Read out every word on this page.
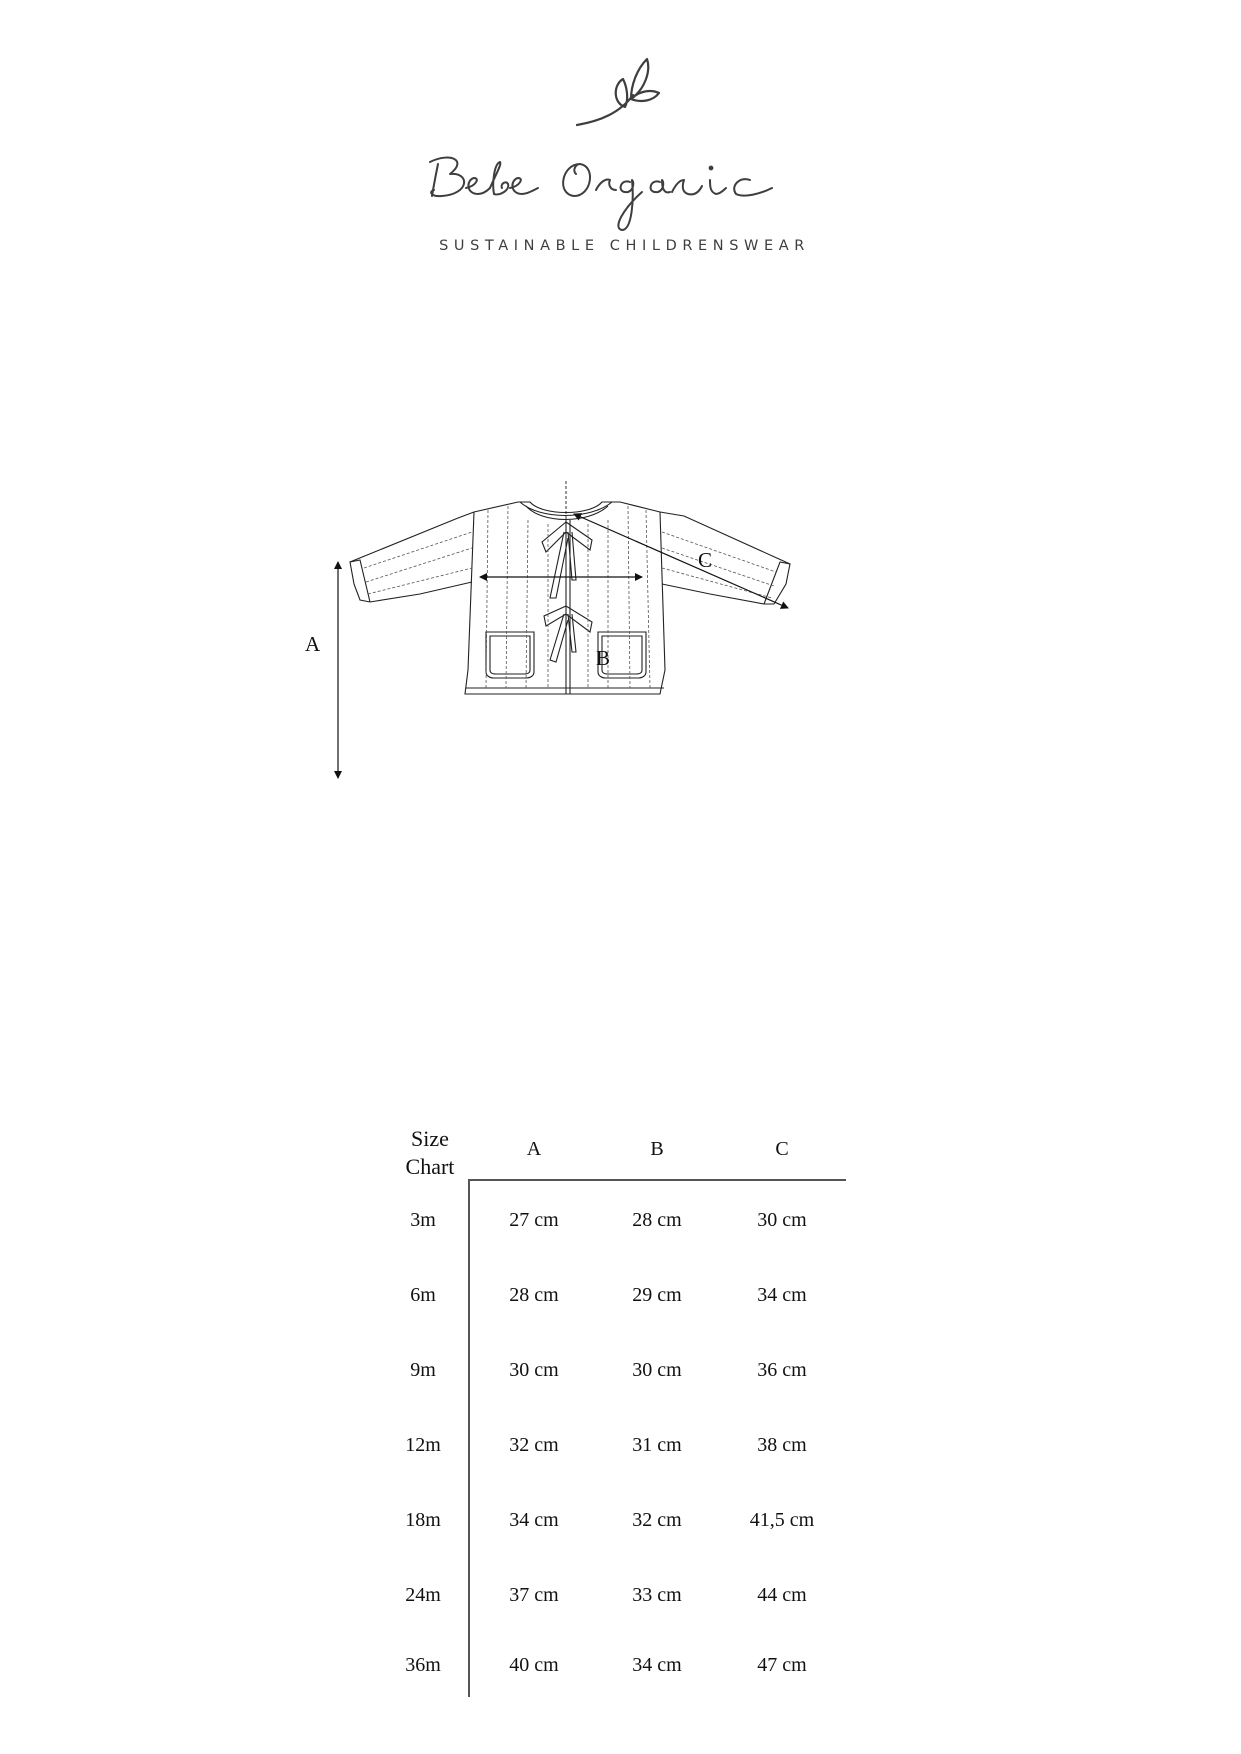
SUSTAINABLE CHILDRENSWEAR
A
B
C
Size
Chart
A	B	C
3m	27 cm	28 cm	30 cm
6m	28 cm	29 cm	34 cm
9m	30 cm	30 cm	36 cm
12m	32 cm	31 cm	38 cm
18m	34 cm	32 cm	41,5 cm
24m	37 cm	33 cm	44 cm
36m	40 cm	34 cm	47 cm
